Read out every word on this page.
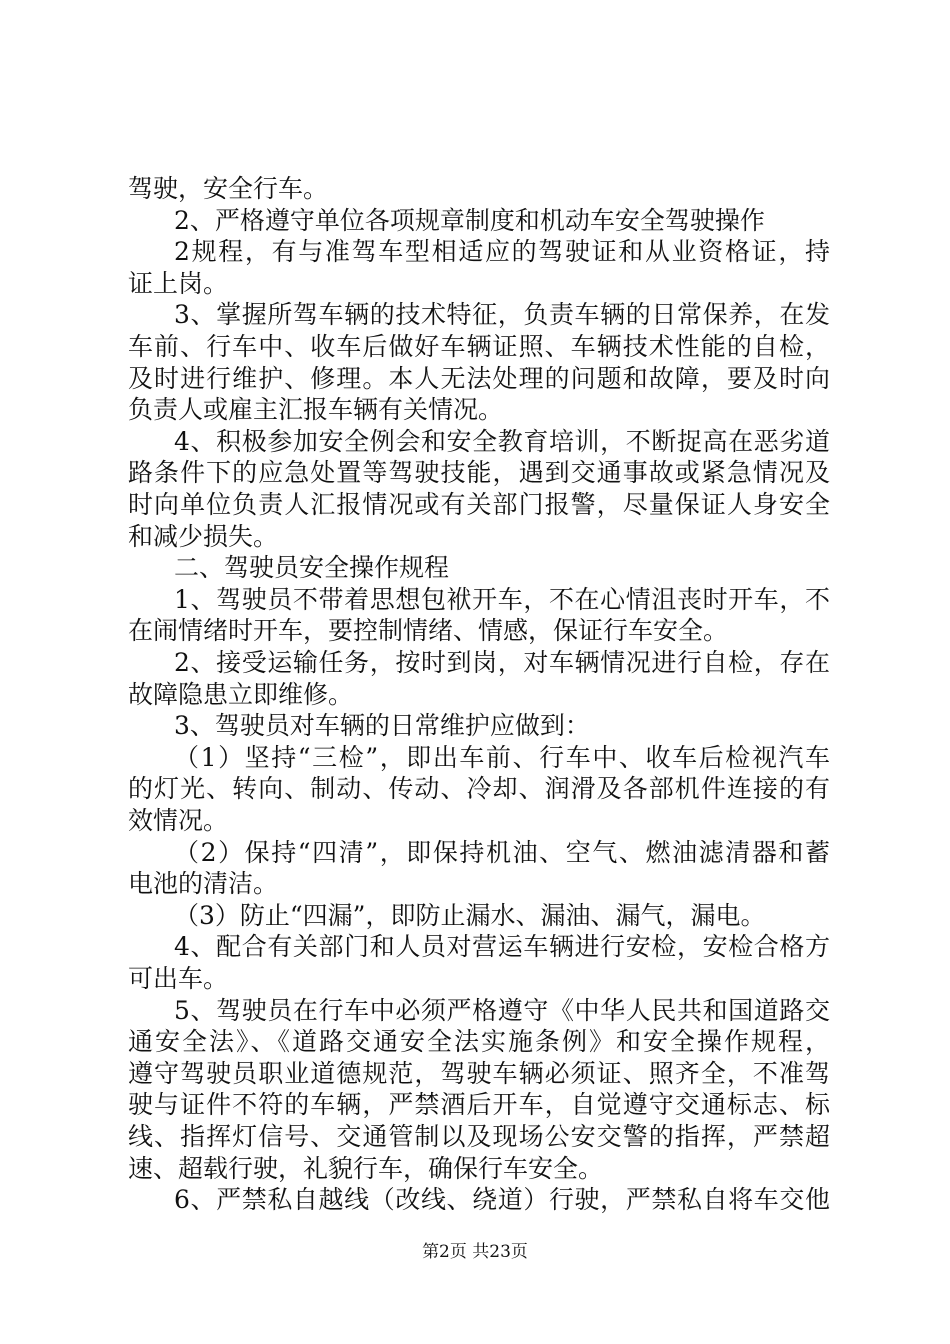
驾驶，安全行车。
2、严格遵守单位各项规章制度和机动车安全驾驶操作
2规程，有与准驾车型相适应的驾驶证和从业资格证，持
证上岗。
3、掌握所驾车辆的技术特征，负责车辆的日常保养，在发
车前、行车中、收车后做好车辆证照、车辆技术性能的自检，
及时进行维护、修理。本人无法处理的问题和故障，要及时向
负责人或雇主汇报车辆有关情况。
4、积极参加安全例会和安全教育培训，不断捉高在恶劣道
路条件下的应急处置等驾驶技能，遇到交通事故或紧急情况及
时向单位负责人汇报情况或有关部门报警，尽量保证人身安全
和减少损失。
二、驾驶员安全操作规程
1、驾驶员不带着思想包袱开车，不在心情沮丧时开车，不
在闹情绪时开车，要控制情绪、情感，保证行车安全。
2、接受运输任务，按时到岗，对车辆情况进行自检，存在
故障隐患立即维修。
3、驾驶员对车辆的日常维护应做到：
（1）坚持“三检”，即出车前、行车中、收车后检视汽车
的灯光、转向、制动、传动、冷却、润滑及各部机件连接的有
效情况。
（2）保持“四清”，即保持机油、空气、燃油滤清器和蓄
电池的清洁。
（3）防止“四漏”，即防止漏水、漏油、漏气，漏电。
4、配合有关部门和人员对营运车辆进行安检，安检合格方
可出车。
5、驾驶员在行车中必须严格遵守《中华人民共和国道路交
通安全法》、《道路交通安全法实施条例》和安全操作规程，
遵守驾驶员职业道德规范，驾驶车辆必须证、照齐全，不准驾
驶与证件不符的车辆，严禁酒后开车，自觉遵守交通标志、标
线、指挥灯信号、交通管制以及现场公安交警的指挥，严禁超
速、超载行驶，礼貌行车，确保行车安全。
6、严禁私自越线（改线、绕道）行驶，严禁私自将车交他
第2页 共23页
